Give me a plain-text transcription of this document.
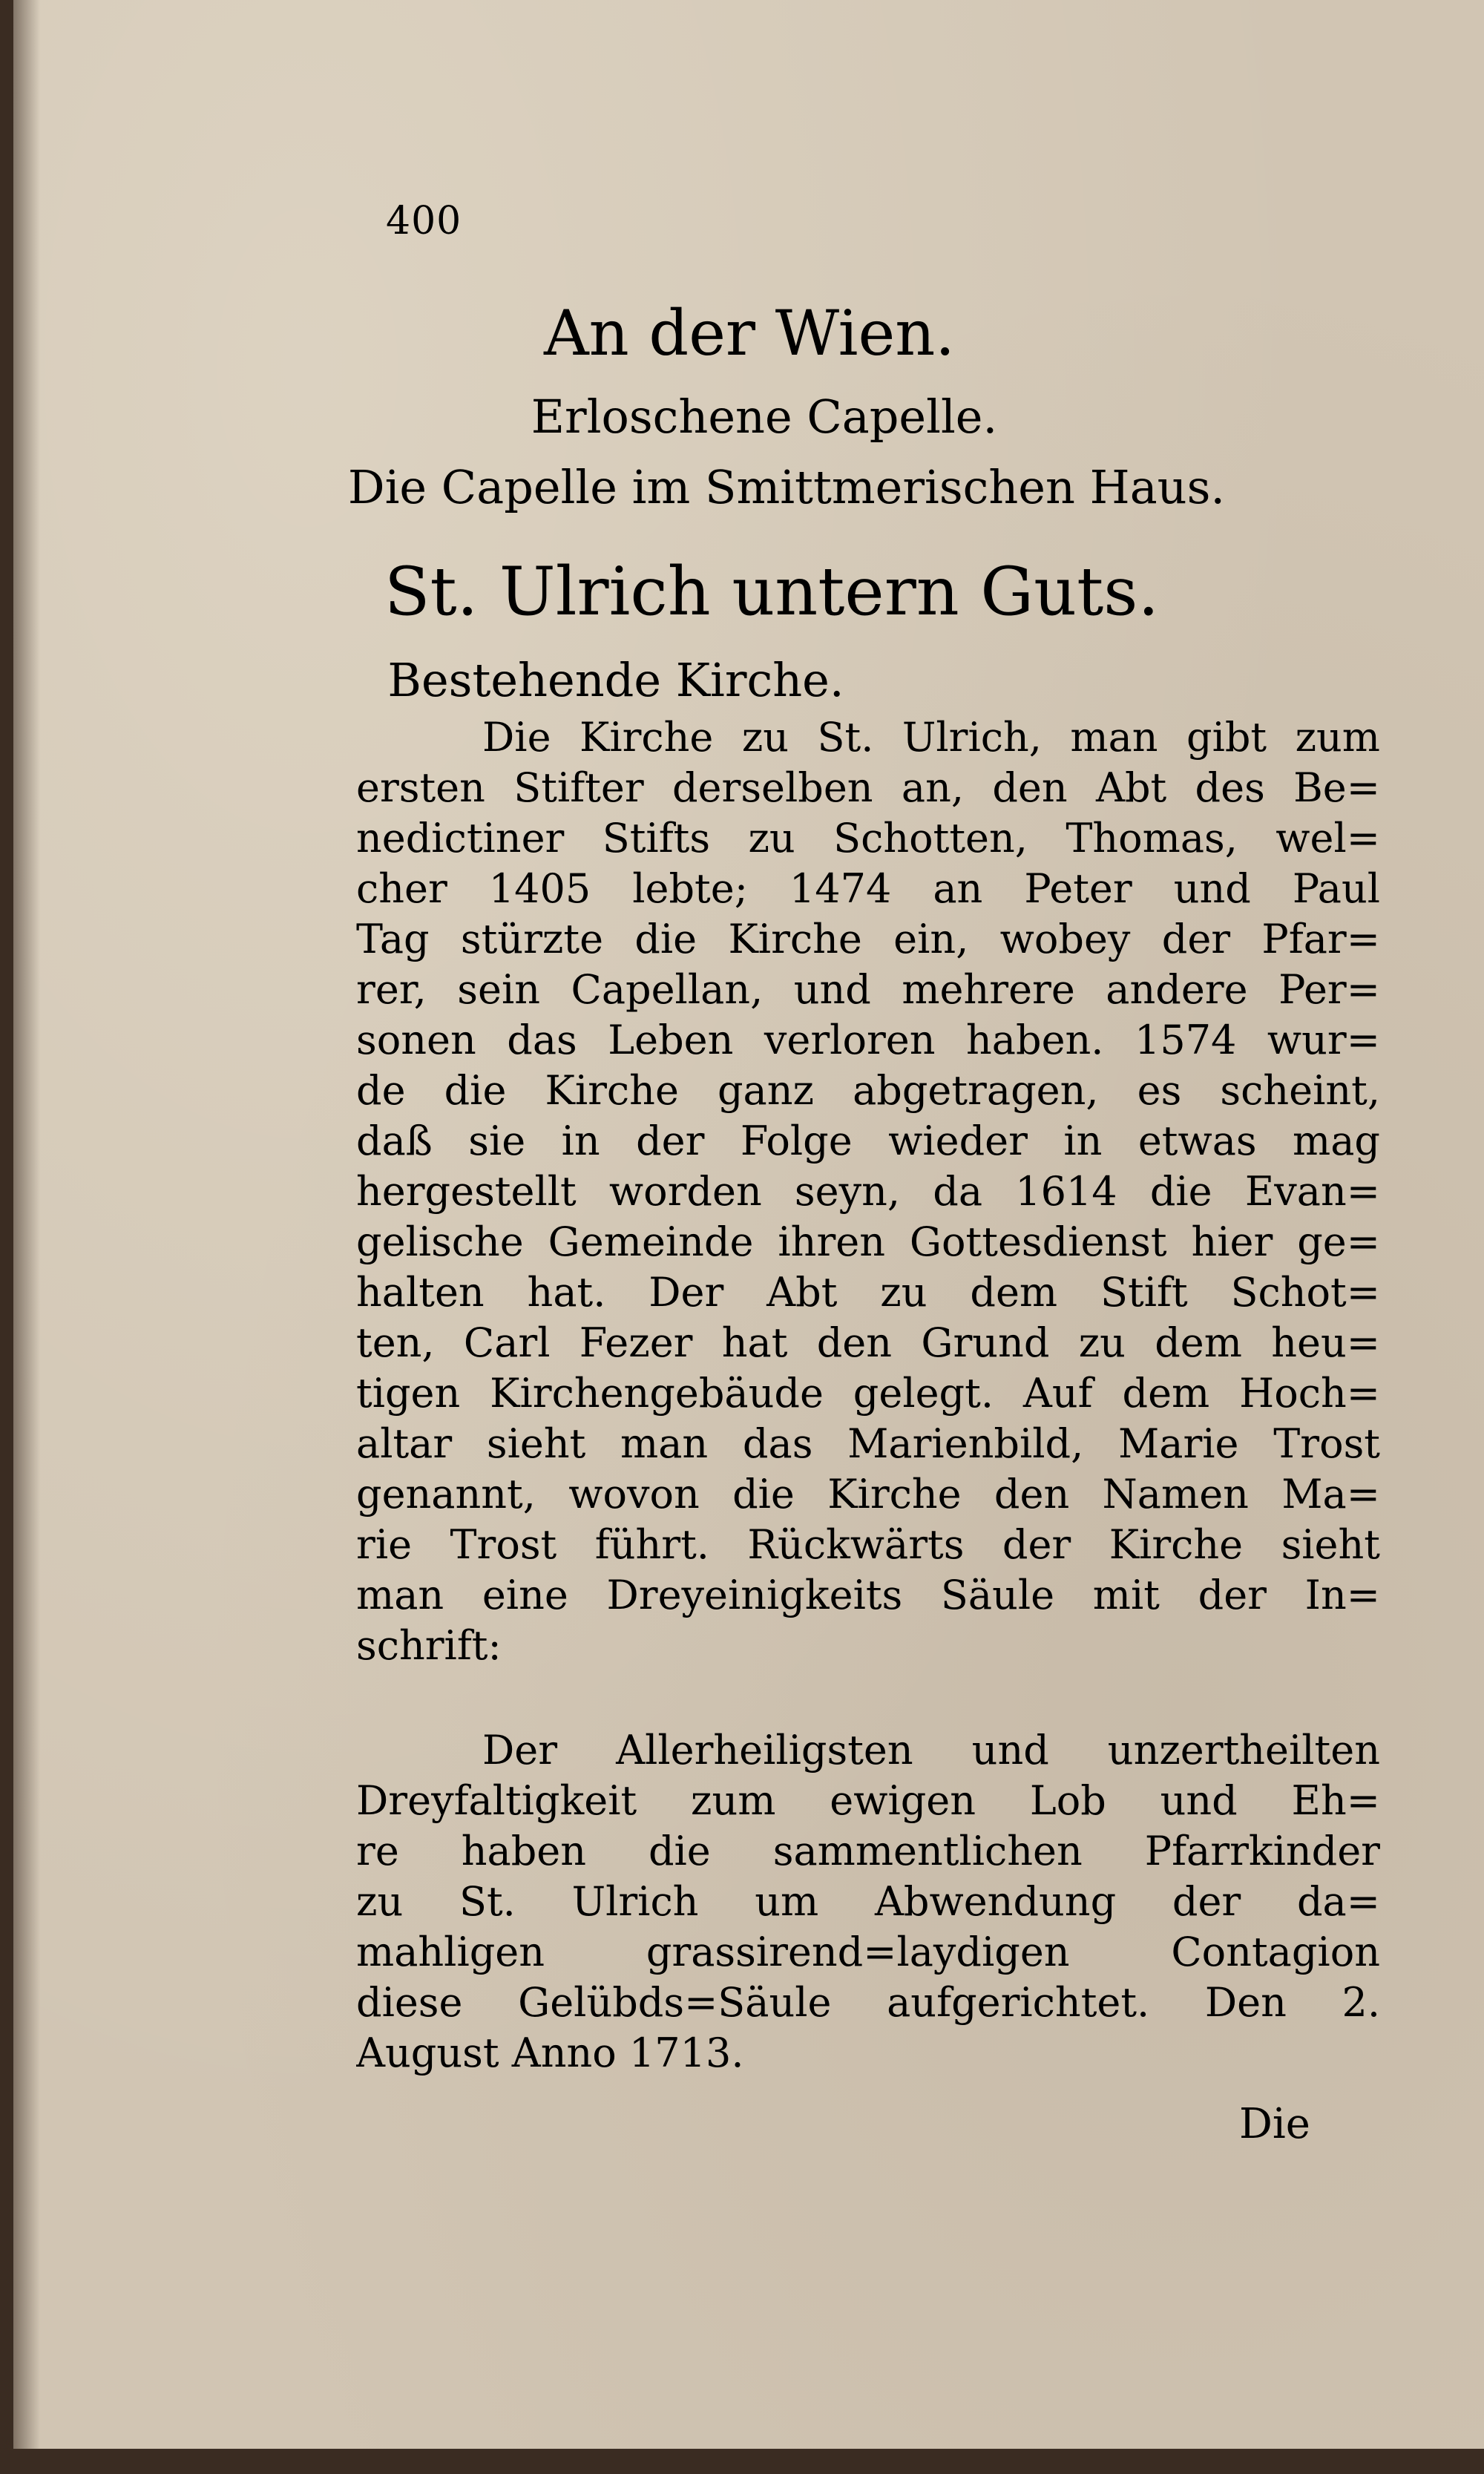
400
An der Wien.
Erloschene Capelle.
Die Capelle im Smittmerischen Haus.
St. Ulrich untern Guts.
Bestehende Kirche.
Die Kirche zu St. Ulrich, man gibt zum
ersten Stifter derselben an, den Abt des Be=
nedictiner Stifts zu Schotten, Thomas, wel=
cher 1405 lebte; 1474 an Peter und Paul
Tag stürzte die Kirche ein, wobey der Pfar=
rer, sein Capellan, und mehrere andere Per=
sonen das Leben verloren haben. 1574 wur=
de die Kirche ganz abgetragen, es scheint,
daß sie in der Folge wieder in etwas mag
hergestellt worden seyn, da 1614 die Evan=
gelische Gemeinde ihren Gottesdienst hier ge=
halten hat. Der Abt zu dem Stift Schot=
ten, Carl Fezer hat den Grund zu dem heu=
tigen Kirchengebäude gelegt. Auf dem Hoch=
altar sieht man das Marienbild, Marie Trost
genannt, wovon die Kirche den Namen Ma=
rie Trost führt. Rückwärts der Kirche sieht
man eine Dreyeinigkeits Säule mit der In=
schrift:
Der Allerheiligsten und unzertheilten
Dreyfaltigkeit zum ewigen Lob und Eh=
re haben die sammentlichen Pfarrkinder
zu St. Ulrich um Abwendung der da=
mahligen grassirend=laydigen Contagion
diese Gelübds=Säule aufgerichtet. Den 2.
August Anno 1713.
Die
